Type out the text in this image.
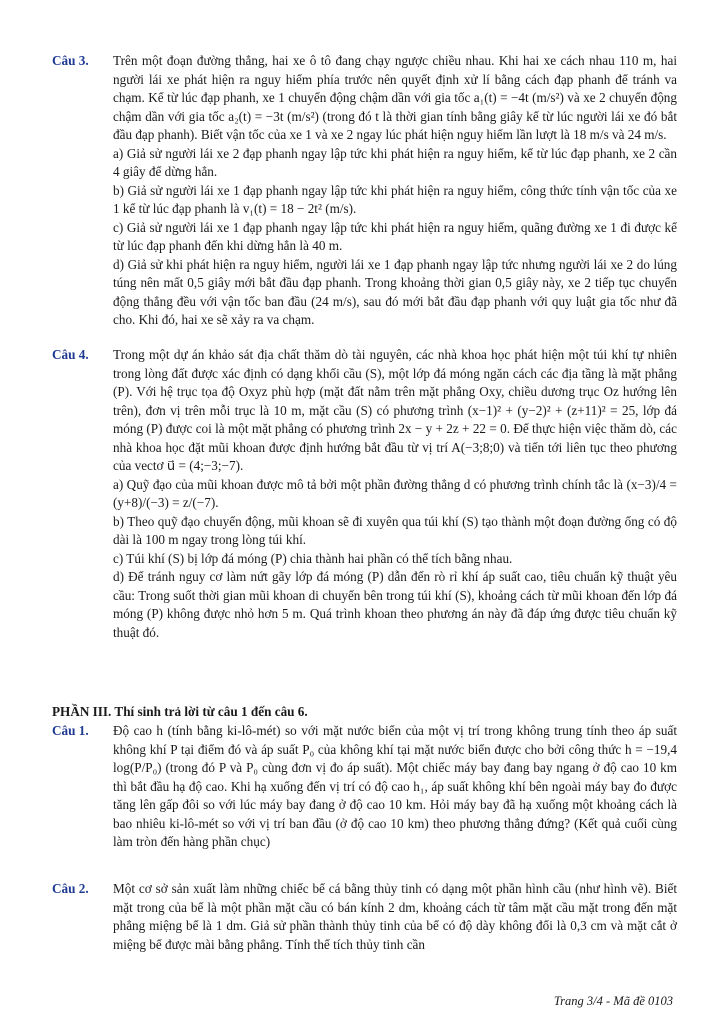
Câu 3.	Trên một đoạn đường thẳng, hai xe ô tô đang chạy ngược chiều nhau. Khi hai xe cách nhau 110 m, hai người lái xe phát hiện ra nguy hiểm phía trước nên quyết định xử lí bằng cách đạp phanh để tránh va chạm. Kể từ lúc đạp phanh, xe 1 chuyển động chậm dần với gia tốc a₁(t) = −4t (m/s²) và xe 2 chuyển động chậm dần với gia tốc a₂(t) = −3t (m/s²) (trong đó t là thời gian tính bằng giây kể từ lúc người lái xe đó bắt đầu đạp phanh). Biết vận tốc của xe 1 và xe 2 ngay lúc phát hiện nguy hiểm lần lượt là 18 m/s và 24 m/s.

a) Giả sử người lái xe 2 đạp phanh ngay lập tức khi phát hiện ra nguy hiểm, kể từ lúc đạp phanh, xe 2 cần 4 giây để dừng hẳn.

b) Giả sử người lái xe 1 đạp phanh ngay lập tức khi phát hiện ra nguy hiểm, công thức tính vận tốc của xe 1 kể từ lúc đạp phanh là v₁(t) = 18 − 2t² (m/s).

c) Giả sử người lái xe 1 đạp phanh ngay lập tức khi phát hiện ra nguy hiểm, quãng đường xe 1 đi được kể từ lúc đạp phanh đến khi dừng hẳn là 40 m.

d) Giả sử khi phát hiện ra nguy hiểm, người lái xe 1 đạp phanh ngay lập tức nhưng người lái xe 2 do lúng túng nên mất 0,5 giây mới bắt đầu đạp phanh. Trong khoảng thời gian 0,5 giây này, xe 2 tiếp tục chuyển động thẳng đều với vận tốc ban đầu (24 m/s), sau đó mới bắt đầu đạp phanh với quy luật gia tốc như đã cho. Khi đó, hai xe sẽ xảy ra va chạm.

Câu 4.	Trong một dự án khảo sát địa chất thăm dò tài nguyên, các nhà khoa học phát hiện một túi khí tự nhiên trong lòng đất được xác định có dạng khối cầu (S), một lớp đá móng ngăn cách các địa tầng là mặt phẳng (P). Với hệ trục tọa độ Oxyz phù hợp (mặt đất nằm trên mặt phẳng Oxy, chiều dương trục Oz hướng lên trên), đơn vị trên mỗi trục là 10 m, mặt cầu (S) có phương trình (x−1)² + (y−2)² + (z+11)² = 25, lớp đá móng (P) được coi là một mặt phẳng có phương trình 2x − y + 2z + 22 = 0. Để thực hiện việc thăm dò, các nhà khoa học đặt mũi khoan được định hướng bắt đầu từ vị trí A(−3;8;0) và tiến tới liên tục theo phương của vectơ u⃗ = (4;−3;−7).

a) Quỹ đạo của mũi khoan được mô tả bởi một phần đường thẳng d có phương trình chính tắc là (x−3)/4 = (y+8)/(−3) = z/(−7).

b) Theo quỹ đạo chuyển động, mũi khoan sẽ đi xuyên qua túi khí (S) tạo thành một đoạn đường ống có độ dài là 100 m ngay trong lòng túi khí.

c) Túi khí (S) bị lớp đá móng (P) chia thành hai phần có thể tích bằng nhau.

d) Để tránh nguy cơ làm nứt gãy lớp đá móng (P) dẫn đến rò rỉ khí áp suất cao, tiêu chuẩn kỹ thuật yêu cầu: Trong suốt thời gian mũi khoan di chuyển bên trong túi khí (S), khoảng cách từ mũi khoan đến lớp đá móng (P) không được nhỏ hơn 5 m. Quá trình khoan theo phương án này đã đáp ứng được tiêu chuẩn kỹ thuật đó.

PHẦN III. Thí sinh trả lời từ câu 1 đến câu 6.
Câu 1.	Độ cao h (tính bằng ki-lô-mét) so với mặt nước biển của một vị trí trong không trung tính theo áp suất không khí P tại điểm đó và áp suất P₀ của không khí tại mặt nước biển được cho bởi công thức h = −19,4 log(P/P₀) (trong đó P và P₀ cùng đơn vị đo áp suất). Một chiếc máy bay đang bay ngang ở độ cao 10 km thì bắt đầu hạ độ cao. Khi hạ xuống đến vị trí có độ cao h₁, áp suất không khí bên ngoài máy bay đo được tăng lên gấp đôi so với lúc máy bay đang ở độ cao 10 km. Hỏi máy bay đã hạ xuống một khoảng cách là bao nhiêu ki-lô-mét so với vị trí ban đầu (ở độ cao 10 km) theo phương thẳng đứng? (Kết quả cuối cùng làm tròn đến hàng phần chục)

Câu 2.	Một cơ sở sản xuất làm những chiếc bể cá bằng thủy tinh có dạng một phần hình cầu (như hình vẽ). Biết mặt trong của bể là một phần mặt cầu có bán kính 2 dm, khoảng cách từ tâm mặt cầu mặt trong đến mặt phẳng miệng bể là 1 dm. Giả sử phần thành thủy tinh của bể có độ dày không đổi là 0,3 cm và mặt cắt ở miệng bể được mài bằng phẳng. Tính thể tích thủy tinh cần

Trang 3/4 - Mã đề 0103
